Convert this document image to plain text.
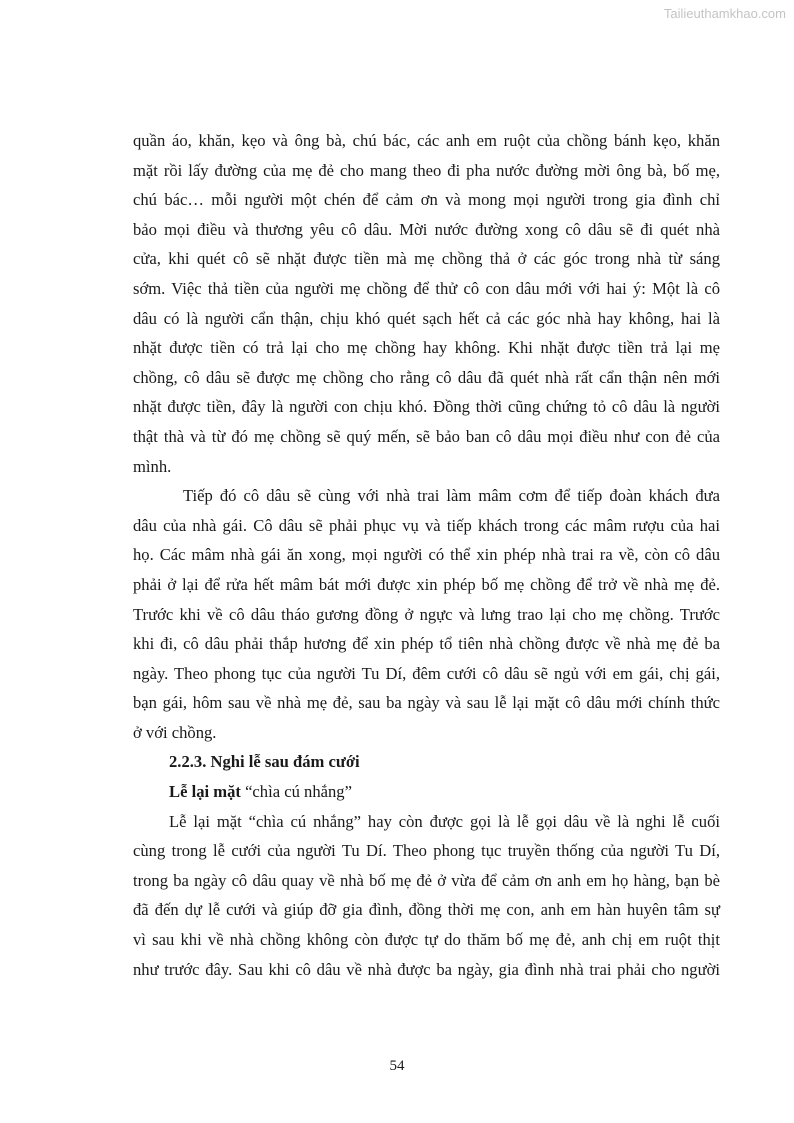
Tailieuthamkhao.com
quần áo, khăn, kẹo và ông bà, chú bác, các anh em ruột của chồng bánh kẹo, khăn
mặt rồi lấy đường của mẹ đẻ cho mang theo đi pha nước đường mời ông bà, bố mẹ,
chú bác… mỗi người một chén để cảm ơn và mong mọi người trong gia đình chỉ
bảo mọi điều và thương yêu cô dâu. Mời nước đường xong cô dâu sẽ đi quét nhà
cửa, khi quét cô sẽ nhặt được tiền mà mẹ chồng thả ở các góc trong nhà từ sáng
sớm. Việc thả tiền của người mẹ chồng để thử cô con dâu mới với hai ý: Một là cô
dâu có là người cẩn thận, chịu khó quét sạch hết cả các góc nhà hay không, hai là
nhặt được tiền có trả lại cho mẹ chồng hay không. Khi nhặt được tiền trả lại mẹ
chồng, cô dâu sẽ được mẹ chồng cho rằng cô dâu đã quét nhà rất cẩn thận nên mới
nhặt được tiền, đây là người con chịu khó. Đồng thời cũng chứng tỏ cô dâu là người
thật thà và từ đó mẹ chồng sẽ quý mến, sẽ bảo ban cô dâu mọi điều như con đẻ của
mình.
Tiếp đó cô dâu sẽ cùng với nhà trai làm mâm cơm để tiếp đoàn khách đưa
dâu của nhà gái. Cô dâu sẽ phải phục vụ và tiếp khách trong các mâm rượu của hai
họ. Các mâm nhà gái ăn xong, mọi người có thể xin phép nhà trai ra về, còn cô dâu
phải ở lại để rửa hết mâm bát mới được xin phép bố mẹ chồng để trở về nhà mẹ đẻ.
Trước khi về cô dâu tháo gương đồng ở ngực và lưng trao lại cho mẹ chồng. Trước
khi đi, cô dâu phải thắp hương để xin phép tổ tiên nhà chồng được về nhà mẹ đẻ ba
ngày. Theo phong tục của người Tu Dí, đêm cưới cô dâu sẽ ngủ với em gái, chị gái,
bạn gái, hôm sau về nhà mẹ đẻ, sau ba ngày và sau lễ lại mặt cô dâu mới chính thức
ở với chồng.
2.2.3. Nghi lễ sau đám cưới
Lễ lại mặt “chìa cú nhắng”
Lễ lại mặt “chìa cú nhắng” hay còn được gọi là lễ gọi dâu về là nghi lễ cuối
cùng trong lễ cưới của người Tu Dí. Theo phong tục truyền thống của người Tu Dí,
trong ba ngày cô dâu quay về nhà bố mẹ đẻ ở vừa để cảm ơn anh em họ hàng, bạn bè
đã đến dự lễ cưới và giúp đỡ gia đình, đồng thời mẹ con, anh em hàn huyên tâm sự
vì sau khi về nhà chồng không còn được tự do thăm bố mẹ đẻ, anh chị em ruột thịt
như trước đây. Sau khi cô dâu về nhà được ba ngày, gia đình nhà trai phải cho người
54
